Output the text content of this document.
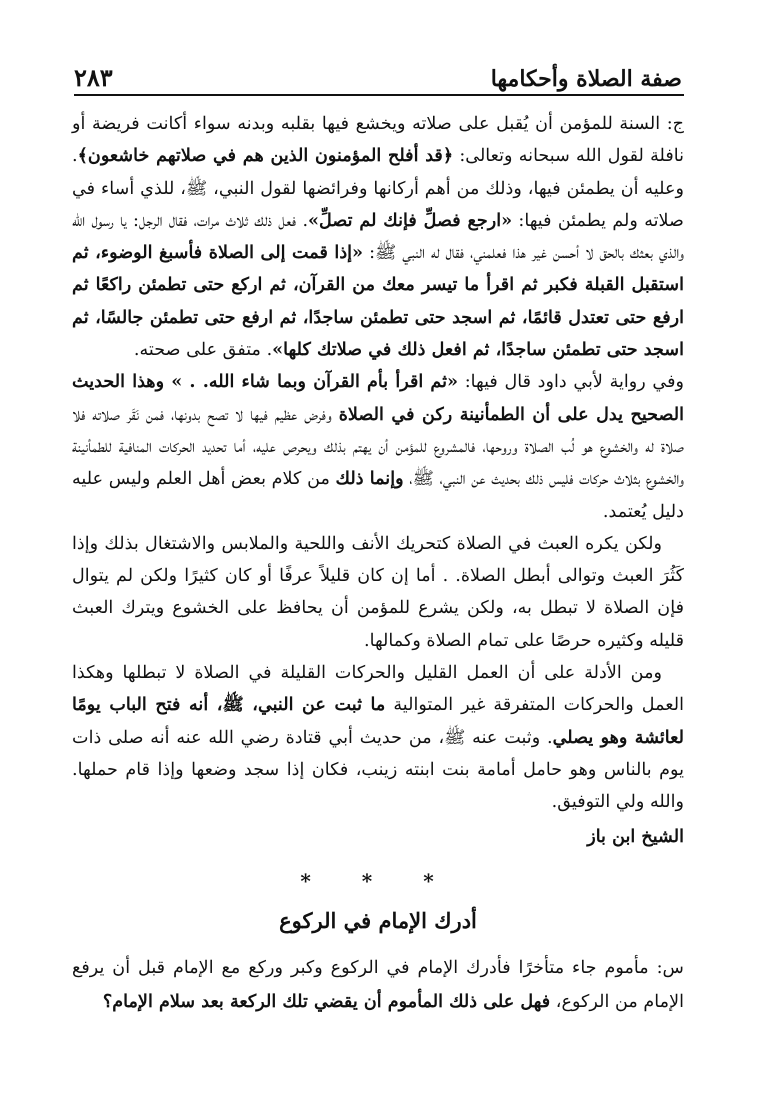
صفة الصلاة وأحكامها
٢٨٣

ج: السنة للمؤمن أن يُقبل على صلاته ويخشع فيها بقلبه وبدنه سواء أكانت فريضة أو نافلة لقول الله سبحانه وتعالى: ﴿قد أفلح المؤمنون الذين هم في صلاتهم خاشعون﴾. وعليه أن يطمئن فيها، وذلك من أهم أركانها وفرائضها لقول النبي، ﷺ، للذي أساء في صلاته ولم يطمئن فيها: «ارجع فصلِّ فإنك لم تصلِّ». فعل ذلك ثلاث مرات، فقال الرجل: يا رسول الله والذي بعثك بالحق لا أحسن غير هذا فعلمني، فقال له النبي ﷺ: «إذا قمت إلى الصلاة فأسبغ الوضوء، ثم استقبل القبلة فكبر ثم اقرأ ما تيسر معك من القرآن، ثم اركع حتى تطمئن راكعًا ثم ارفع حتى تعتدل قائمًا، ثم اسجد حتى تطمئن ساجدًا، ثم ارفع حتى تطمئن جالسًا، ثم اسجد حتى تطمئن ساجدًا، ثم افعل ذلك في صلاتك كلها». متفق على صحته.

وفي رواية لأبي داود قال فيها: «ثم اقرأ بأم القرآن وبما شاء الله. . » وهذا الحديث الصحيح يدل على أن الطمأنينة ركن في الصلاة وفرض عظيم فيها لا تصح بدونها، فمن نَقَر صلاته فلا صلاة له والخشوع هو لُب الصلاة وروحها، فالمشروع للمؤمن أن يهتم بذلك ويحرص عليه، أما تحديد الحركات المنافية للطمأنينة والخشوع بثلاث حركات فليس ذلك بحديث عن النبي، ﷺ، وإنما ذلك من كلام بعض أهل العلم وليس عليه دليل يُعتمد.

ولكن يكره العبث في الصلاة كتحريك الأنف واللحية والملابس والاشتغال بذلك وإذا كَثُرَ العبث وتوالى أبطل الصلاة. . أما إن كان قليلاً عرفًا أو كان كثيرًا ولكن لم يتوال فإن الصلاة لا تبطل به، ولكن يشرع للمؤمن أن يحافظ على الخشوع ويترك العبث قليله وكثيره حرصًا على تمام الصلاة وكمالها.

ومن الأدلة على أن العمل القليل والحركات القليلة في الصلاة لا تبطلها وهكذا العمل والحركات المتفرقة غير المتوالية ما ثبت عن النبي، ﷺ، أنه فتح الباب يومًا لعائشة وهو يصلي. وثبت عنه ﷺ، من حديث أبي قتادة رضي الله عنه أنه صلى ذات يوم بالناس وهو حامل أمامة بنت ابنته زينب، فكان إذا سجد وضعها وإذا قام حملها. والله ولي التوفيق.

الشيخ ابن باز

* * *
أدرك الإمام في الركوع

س: مأموم جاء متأخرًا فأدرك الإمام في الركوع وكبر وركع مع الإمام قبل أن يرفع الإمام من الركوع، فهل على ذلك المأموم أن يقضي تلك الركعة بعد سلام الإمام؟
